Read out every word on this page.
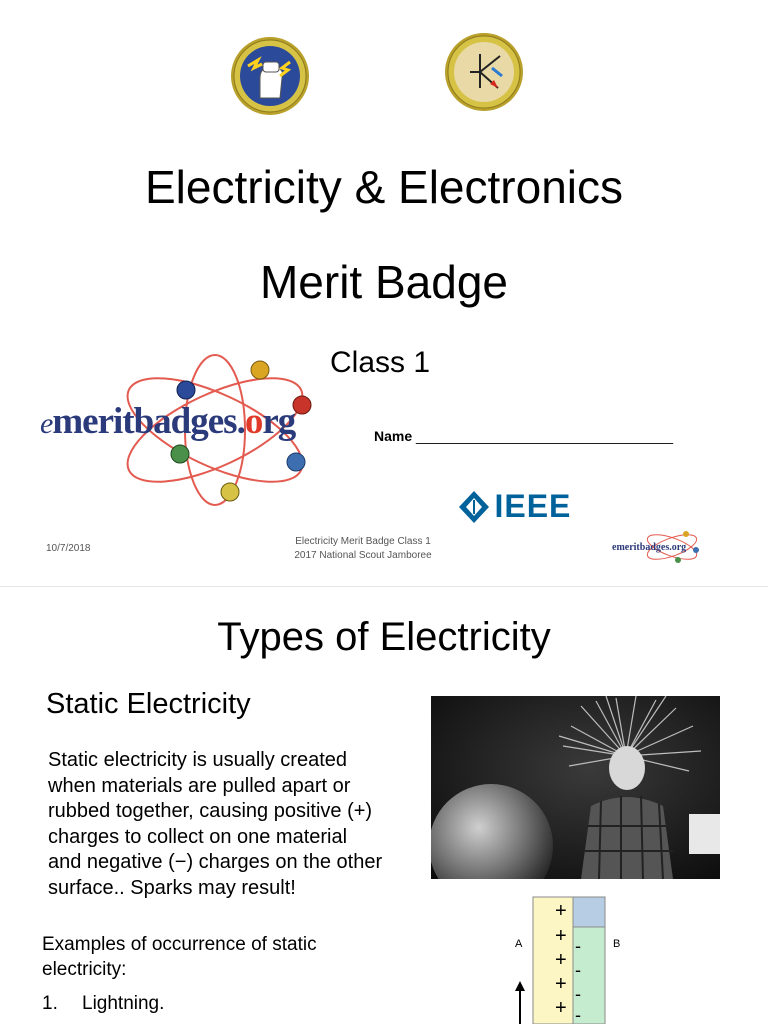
Electricity & Electronics
Merit Badge
Class 1
emeritbadges.org	Name _________________________________
IEEE
10/7/2018
Electricity Merit Badge Class 1
2017 National Scout Jamboree
emeritbadges.org
Types of Electricity
Static Electricity
Static electricity is usually created
when materials are pulled apart or
rubbed together, causing positive (+)
charges to collect on one material
and negative (−) charges on the other
surface.. Sparks may result!
Examples of occurrence of static
electricity:
1. Lightning.
A	B
+
+
+
+
+
-
-
-
-
